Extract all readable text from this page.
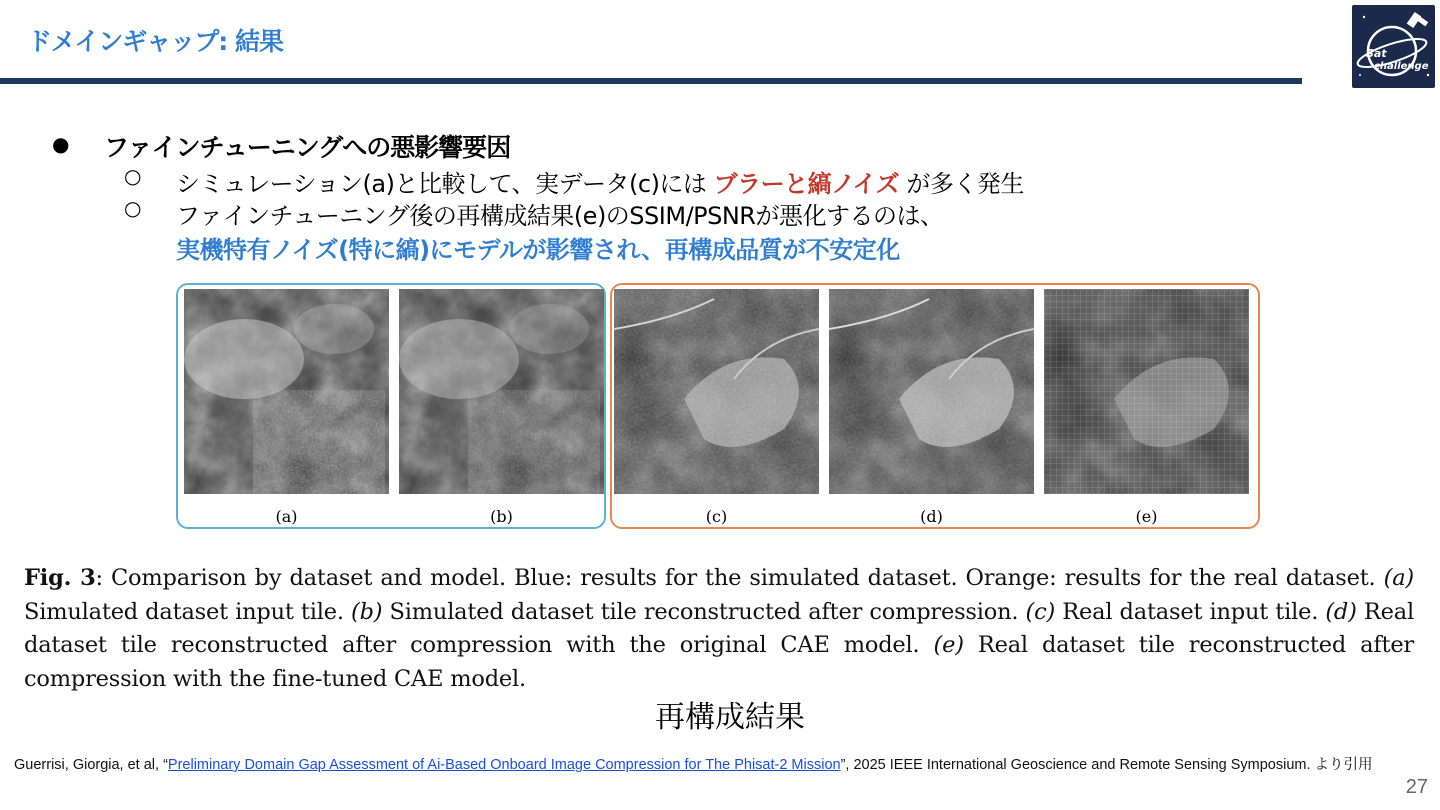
ドメインギャップ: 結果	Sat
challenge
● ファインチューニングへの悪影響要因
○ シミュレーション(a)と比較して、実データ(c)には ブラーと縞ノイズ が多く発生
○ ファインチューニング後の再構成結果(e)のSSIM/PSNRが悪化するのは、
実機特有ノイズ(特に縞)にモデルが影響され、再構成品質が不安定化
(a)	(b)	(c)	(d)	(e)
Fig. 3: Comparison by dataset and model. Blue: results for the simulated dataset. Orange: results for the real dataset. (a) Simulated dataset input tile. (b) Simulated dataset tile reconstructed after compression. (c) Real dataset input tile. (d) Real dataset tile reconstructed after compression with the original CAE model. (e) Real dataset tile reconstructed after compression with the fine-tuned CAE model.
再構成結果
Guerrisi, Giorgia, et al, “Preliminary Domain Gap Assessment of Ai-Based Onboard Image Compression for The Phisat-2 Mission”, 2025 IEEE International Geoscience and Remote Sensing Symposium. より引用
27
